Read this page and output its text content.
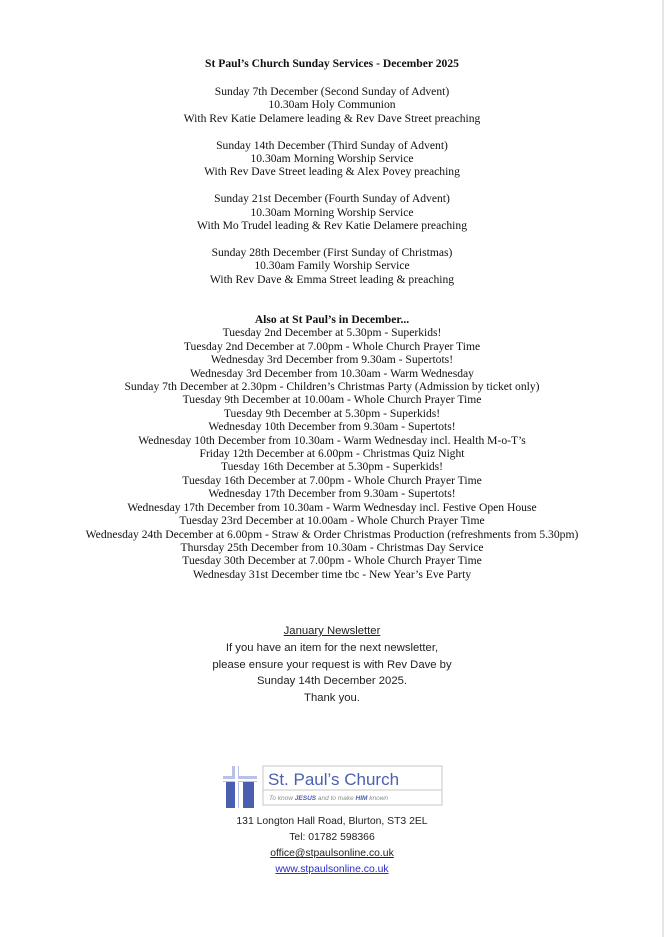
St Paul’s Church Sunday Services - December 2025
Sunday 7th December (Second Sunday of Advent)
10.30am Holy Communion
With Rev Katie Delamere leading & Rev Dave Street preaching
Sunday 14th December (Third Sunday of Advent)
10.30am Morning Worship Service
With Rev Dave Street leading & Alex Povey preaching
Sunday 21st December (Fourth Sunday of Advent)
10.30am Morning Worship Service
With Mo Trudel leading & Rev Katie Delamere preaching
Sunday 28th December (First Sunday of Christmas)
10.30am Family Worship Service
With Rev Dave & Emma Street leading & preaching
Also at St Paul’s in December...
Tuesday 2nd December at 5.30pm - Superkids!
Tuesday 2nd December at 7.00pm - Whole Church Prayer Time
Wednesday 3rd December from 9.30am - Supertots!
Wednesday 3rd December from 10.30am - Warm Wednesday
Sunday 7th December at 2.30pm - Children’s Christmas Party (Admission by ticket only)
Tuesday 9th December at 10.00am - Whole Church Prayer Time
Tuesday 9th December at 5.30pm - Superkids!
Wednesday 10th December from 9.30am - Supertots!
Wednesday 10th December from 10.30am - Warm Wednesday incl. Health M-o-T’s
Friday 12th December at 6.00pm - Christmas Quiz Night
Tuesday 16th December at 5.30pm - Superkids!
Tuesday 16th December at 7.00pm - Whole Church Prayer Time
Wednesday 17th December from 9.30am - Supertots!
Wednesday 17th December from 10.30am - Warm Wednesday incl. Festive Open House
Tuesday 23rd December at 10.00am - Whole Church Prayer Time
Wednesday 24th December at 6.00pm - Straw & Order Christmas Production (refreshments from 5.30pm)
Thursday 25th December from 10.30am - Christmas Day Service
Tuesday 30th December at 7.00pm - Whole Church Prayer Time
Wednesday 31st December time tbc - New Year’s Eve Party
January Newsletter
If you have an item for the next newsletter,
please ensure your request is with Rev Dave by
Sunday 14th December 2025.
Thank you.
St. Paul’s Church
To know JESUS and to make HIM known
131 Longton Hall Road, Blurton, ST3 2EL
Tel: 01782 598366
office@stpaulsonline.co.uk
www.stpaulsonline.co.uk
